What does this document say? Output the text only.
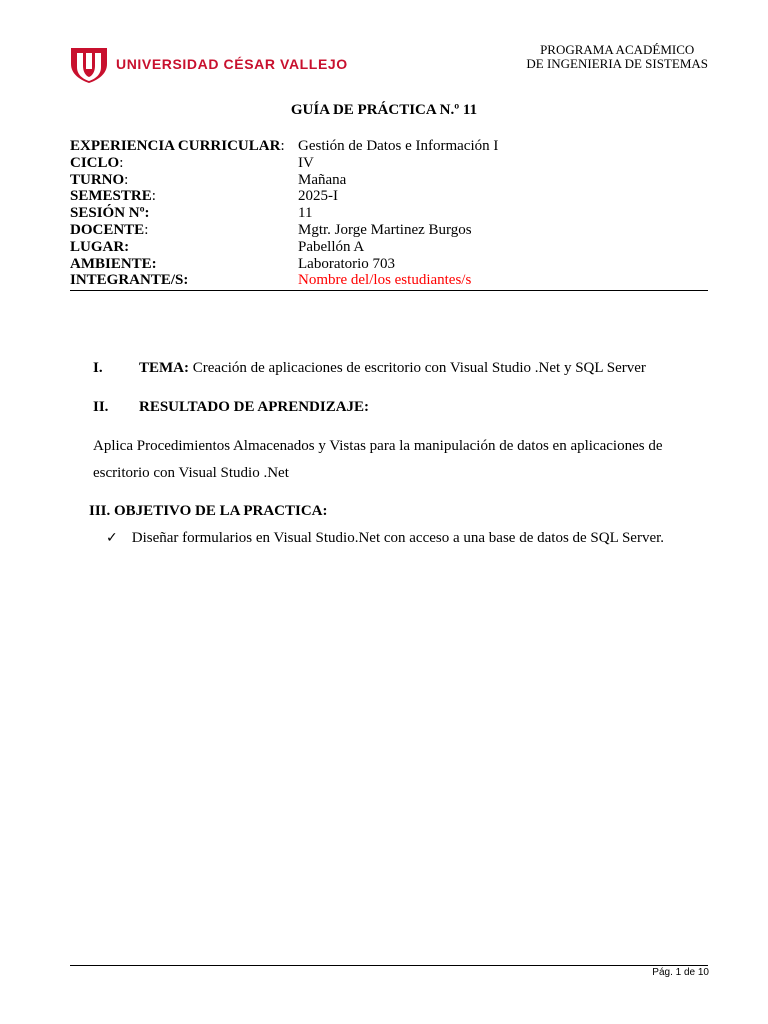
UNIVERSIDAD CÉSAR VALLEJO
PROGRAMA ACADÉMICO
DE INGENIERIA DE SISTEMAS
GUÍA DE PRÁCTICA N.º 11
EXPERIENCIA CURRICULAR: Gestión de Datos e Información I
CICLO:	IV
TURNO:	Mañana
SEMESTRE:	2025-I
SESIÓN Nº:	11
DOCENTE:	Mgtr. Jorge Martinez Burgos
LUGAR:	Pabellón A
AMBIENTE:	Laboratorio 703
INTEGRANTE/S:	Nombre del/los estudiantes/s
I. TEMA: Creación de aplicaciones de escritorio con Visual Studio .Net y SQL Server
II. RESULTADO DE APRENDIZAJE:
Aplica Procedimientos Almacenados y Vistas para la manipulación de datos en aplicaciones de escritorio con Visual Studio .Net
III. OBJETIVO DE LA PRACTICA:
✓ Diseñar formularios en Visual Studio.Net con acceso a una base de datos de SQL Server.
Pág. 1 de 10
